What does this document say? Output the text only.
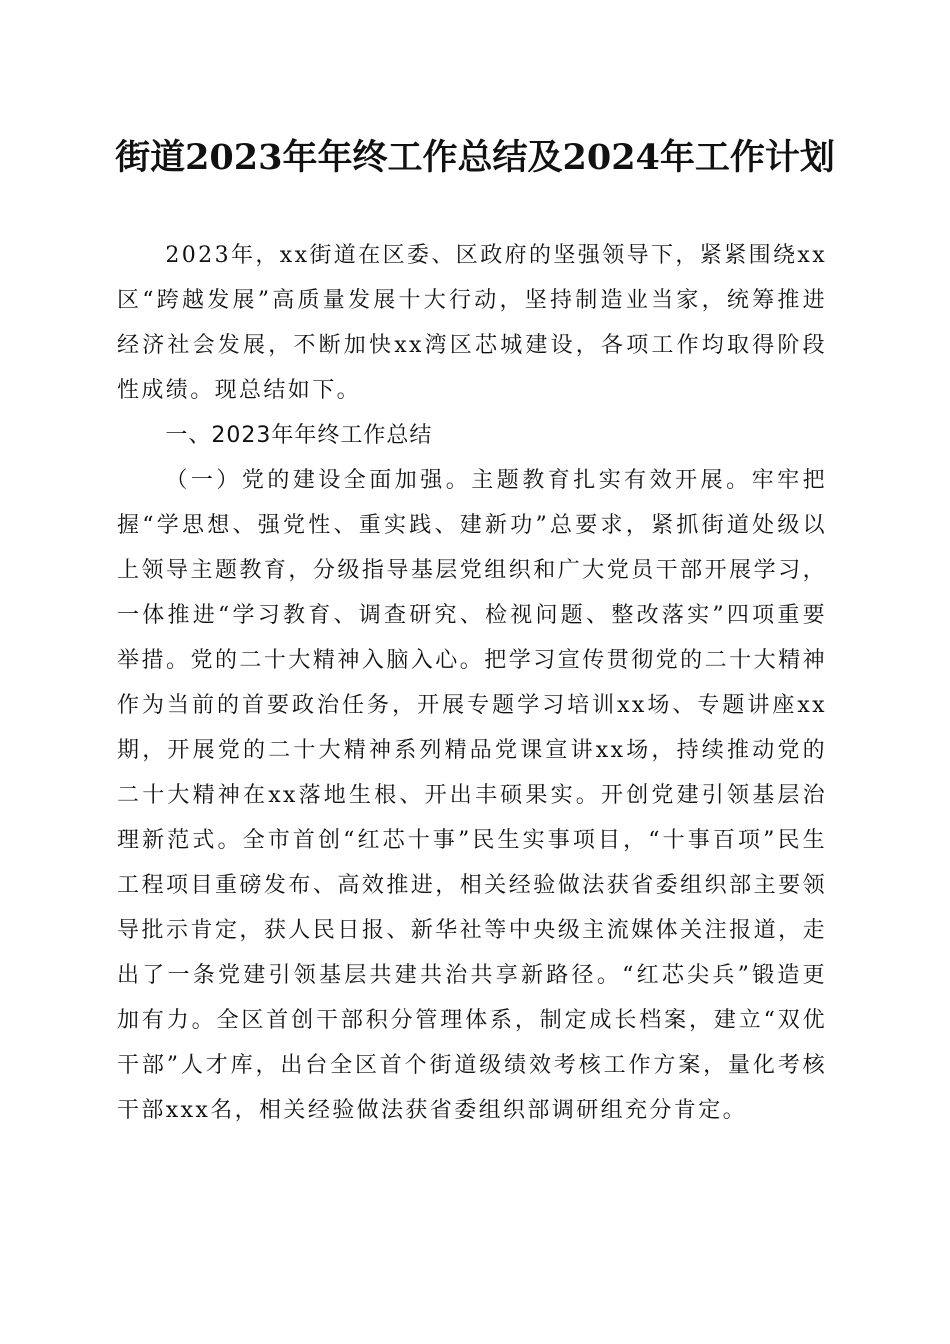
街道2023年年终工作总结及2024年工作计划

2023年，xx街道在区委、区政府的坚强领导下，紧紧围绕xx区“跨越发展”高质量发展十大行动，坚持制造业当家，统筹推进经济社会发展，不断加快xx湾区芯城建设，各项工作均取得阶段性成绩。现总结如下。

一、2023年年终工作总结

（一）党的建设全面加强。主题教育扎实有效开展。牢牢把握“学思想、强党性、重实践、建新功”总要求，紧抓街道处级以上领导主题教育，分级指导基层党组织和广大党员干部开展学习，一体推进“学习教育、调查研究、检视问题、整改落实”四项重要举措。党的二十大精神入脑入心。把学习宣传贯彻党的二十大精神作为当前的首要政治任务，开展专题学习培训xx场、专题讲座xx期，开展党的二十大精神系列精品党课宣讲xx场，持续推动党的二十大精神在xx落地生根、开出丰硕果实。开创党建引领基层治理新范式。全市首创“红芯十事”民生实事项目，“十事百项”民生工程项目重磅发布、高效推进，相关经验做法获省委组织部主要领导批示肯定，获人民日报、新华社等中央级主流媒体关注报道，走出了一条党建引领基层共建共治共享新路径。“红芯尖兵”锻造更加有力。全区首创干部积分管理体系，制定成长档案，建立“双优干部”人才库，出台全区首个街道级绩效考核工作方案，量化考核干部xxx名，相关经验做法获省委组织部调研组充分肯定。
